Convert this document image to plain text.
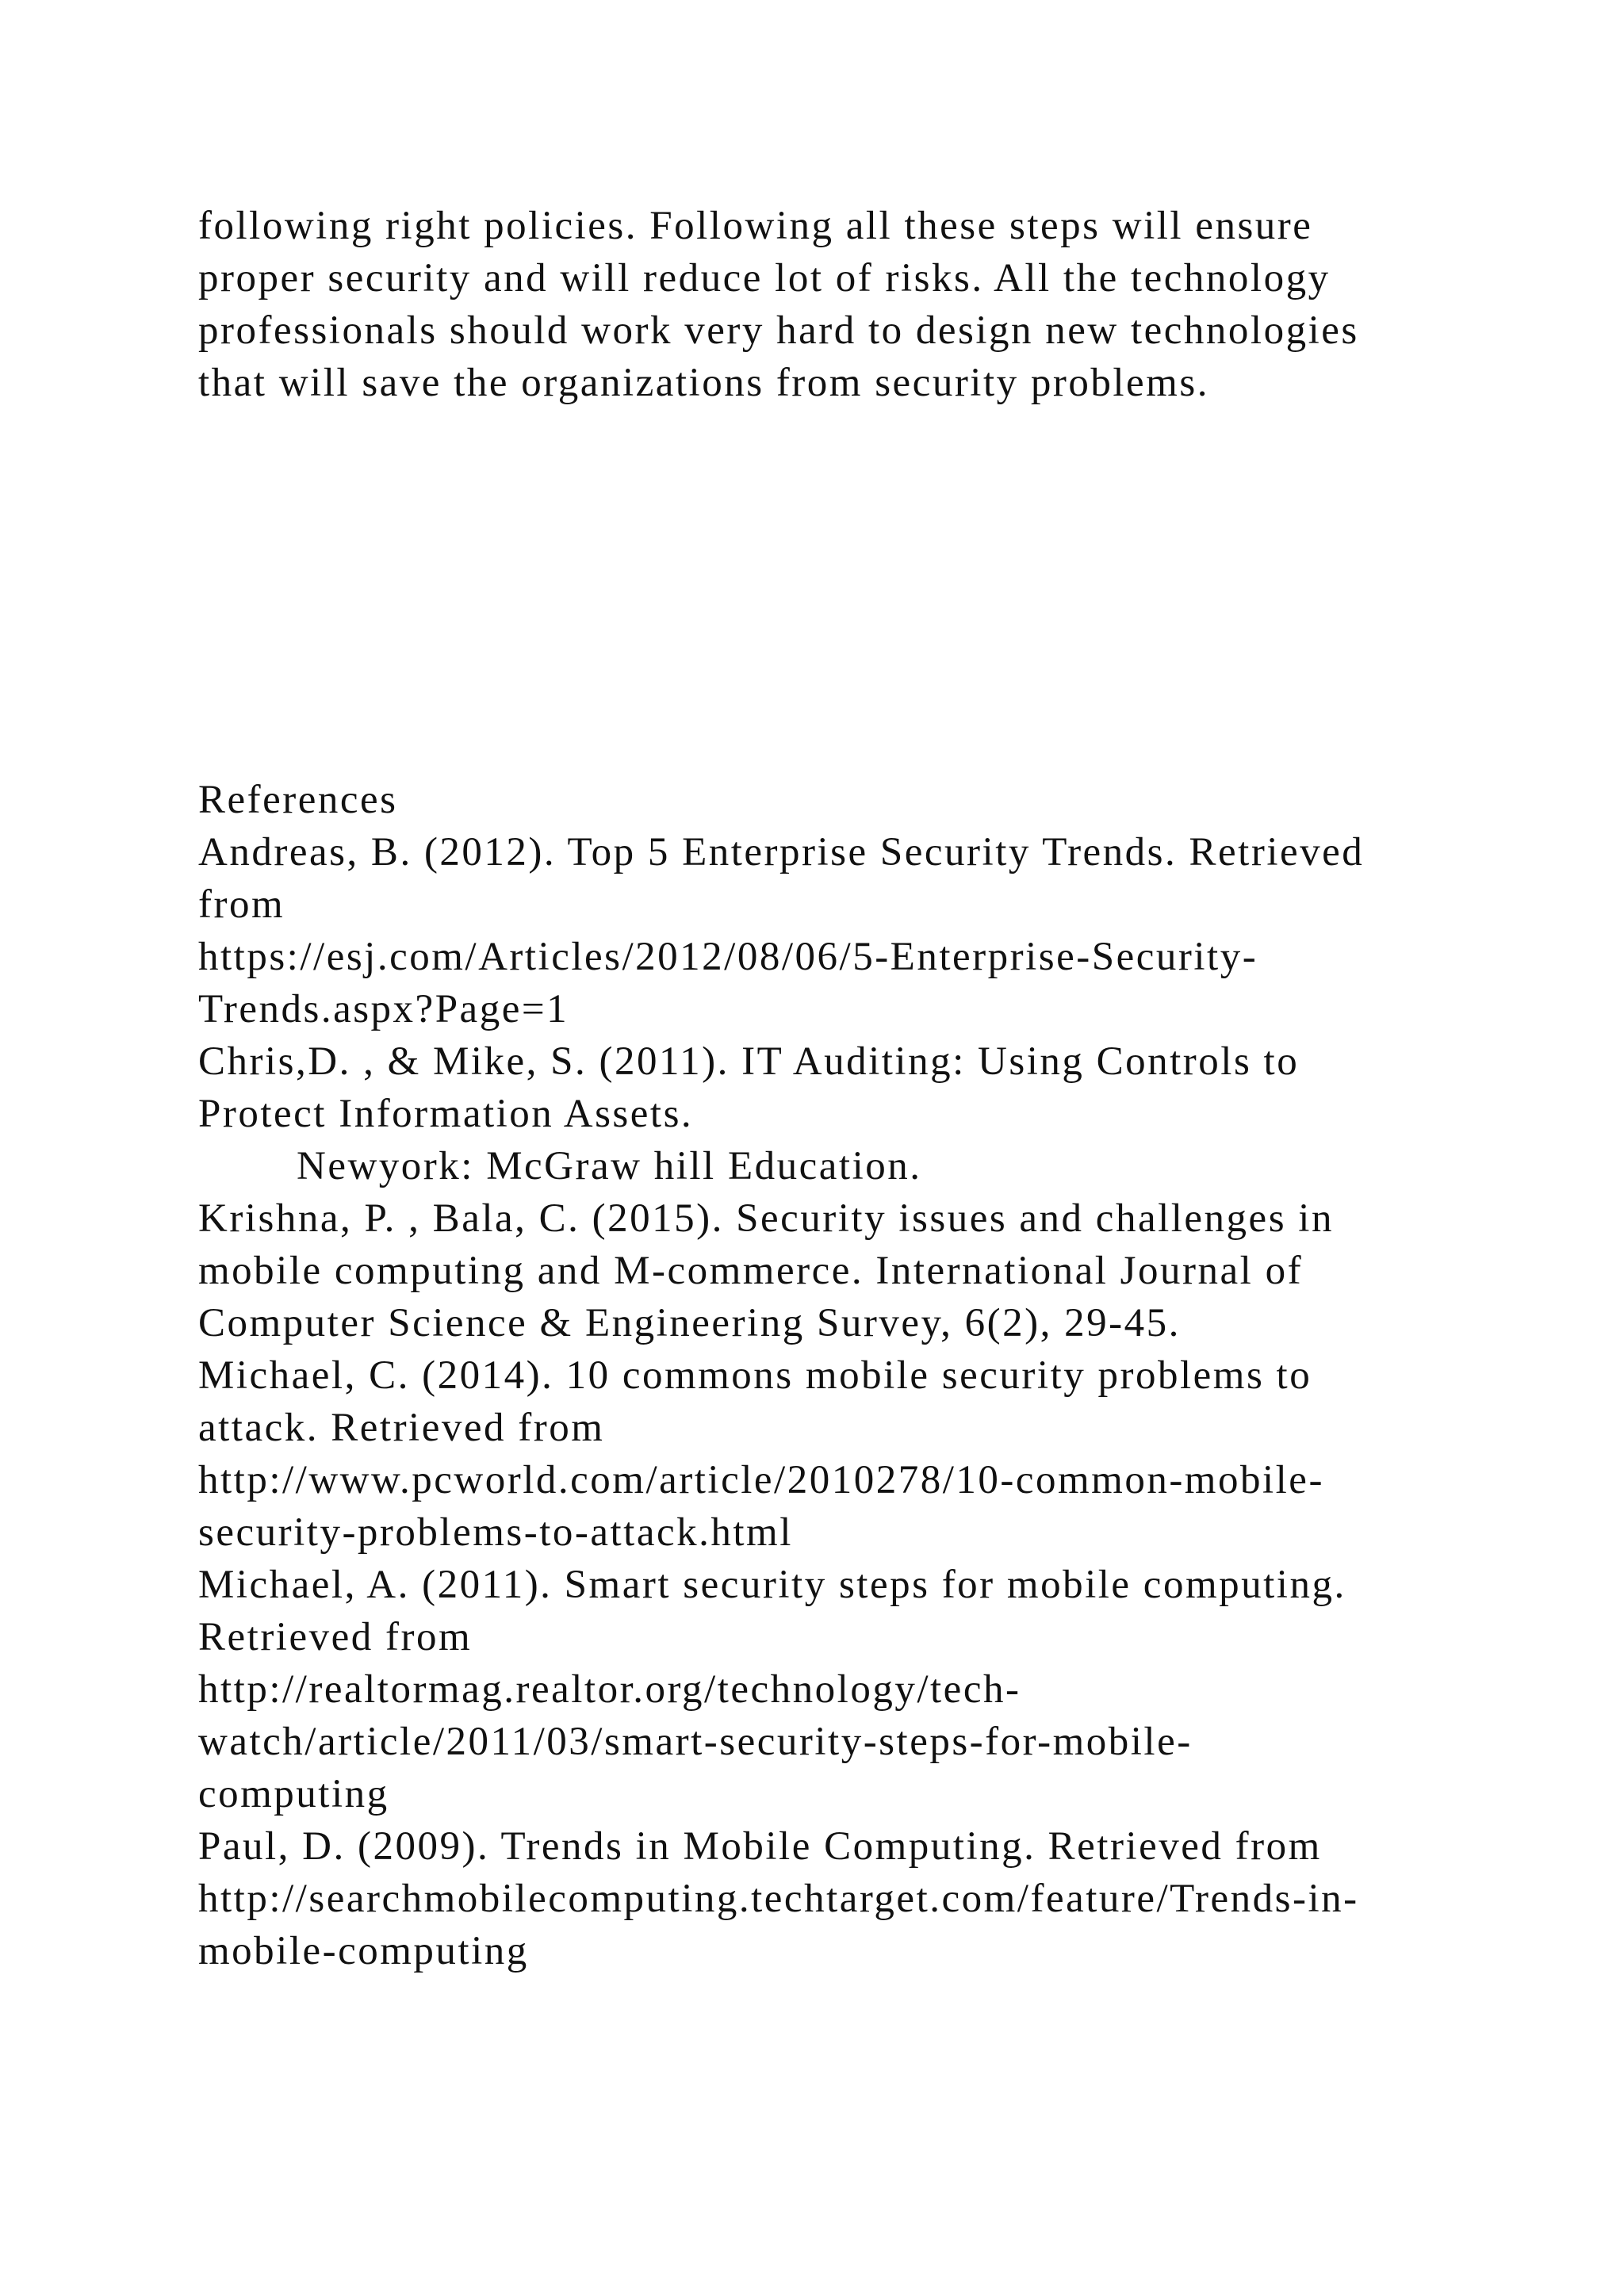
following right policies. Following all these steps will ensure
proper security and will reduce lot of risks. All the technology
professionals should work very hard to design new technologies
that will save the organizations from security problems.
References
Andreas, B. (2012). Top 5 Enterprise Security Trends. Retrieved
from
https://esj.com/Articles/2012/08/06/5-Enterprise-Security-
Trends.aspx?Page=1
Chris,D. , & Mike, S. (2011). IT Auditing: Using Controls to
Protect Information Assets.
Newyork: McGraw hill Education.
Krishna, P. , Bala, C. (2015). Security issues and challenges in
mobile computing and M-commerce. International Journal of
Computer Science & Engineering Survey, 6(2), 29-45.
Michael, C. (2014). 10 commons mobile security problems to
attack. Retrieved from
http://www.pcworld.com/article/2010278/10-common-mobile-
security-problems-to-attack.html
Michael, A. (2011). Smart security steps for mobile computing.
Retrieved from
http://realtormag.realtor.org/technology/tech-
watch/article/2011/03/smart-security-steps-for-mobile-
computing
Paul, D. (2009). Trends in Mobile Computing. Retrieved from
http://searchmobilecomputing.techtarget.com/feature/Trends-in-
mobile-computing
